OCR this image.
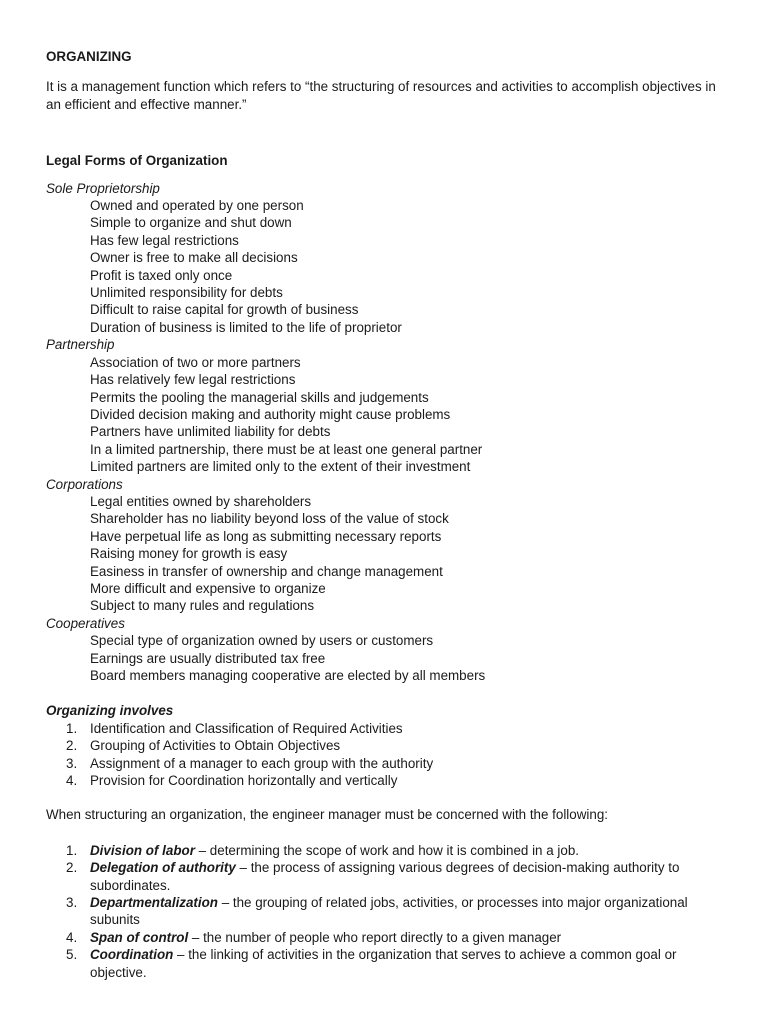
ORGANIZING
It is a management function which refers to “the structuring of resources and activities to accomplish objectives in an efficient and effective manner.”
Legal Forms of Organization
Sole Proprietorship
Owned and operated by one person
Simple to organize and shut down
Has few legal restrictions
Owner is free to make all decisions
Profit is taxed only once
Unlimited responsibility for debts
Difficult to raise capital for growth of business
Duration of business is limited to the life of proprietor
Partnership
Association of two or more partners
Has relatively few legal restrictions
Permits the pooling the managerial skills and judgements
Divided decision making and authority might cause problems
Partners have unlimited liability for debts
In a limited partnership, there must be at least one general partner
Limited partners are limited only to the extent of their investment
Corporations
Legal entities owned by shareholders
Shareholder has no liability beyond loss of the value of stock
Have perpetual life as long as submitting necessary reports
Raising money for growth is easy
Easiness in transfer of ownership and change management
More difficult and expensive to organize
Subject to many rules and regulations
Cooperatives
Special type of organization owned by users or customers
Earnings are usually distributed tax free
Board members managing cooperative are elected by all members
Organizing involves
1. Identification and Classification of Required Activities
2. Grouping of Activities to Obtain Objectives
3. Assignment of a manager to each group with the authority
4. Provision for Coordination horizontally and vertically
When structuring an organization, the engineer manager must be concerned with the following:
1. Division of labor – determining the scope of work and how it is combined in a job.
2. Delegation of authority – the process of assigning various degrees of decision-making authority to subordinates.
3. Departmentalization – the grouping of related jobs, activities, or processes into major organizational subunits
4. Span of control – the number of people who report directly to a given manager
5. Coordination – the linking of activities in the organization that serves to achieve a common goal or objective.
